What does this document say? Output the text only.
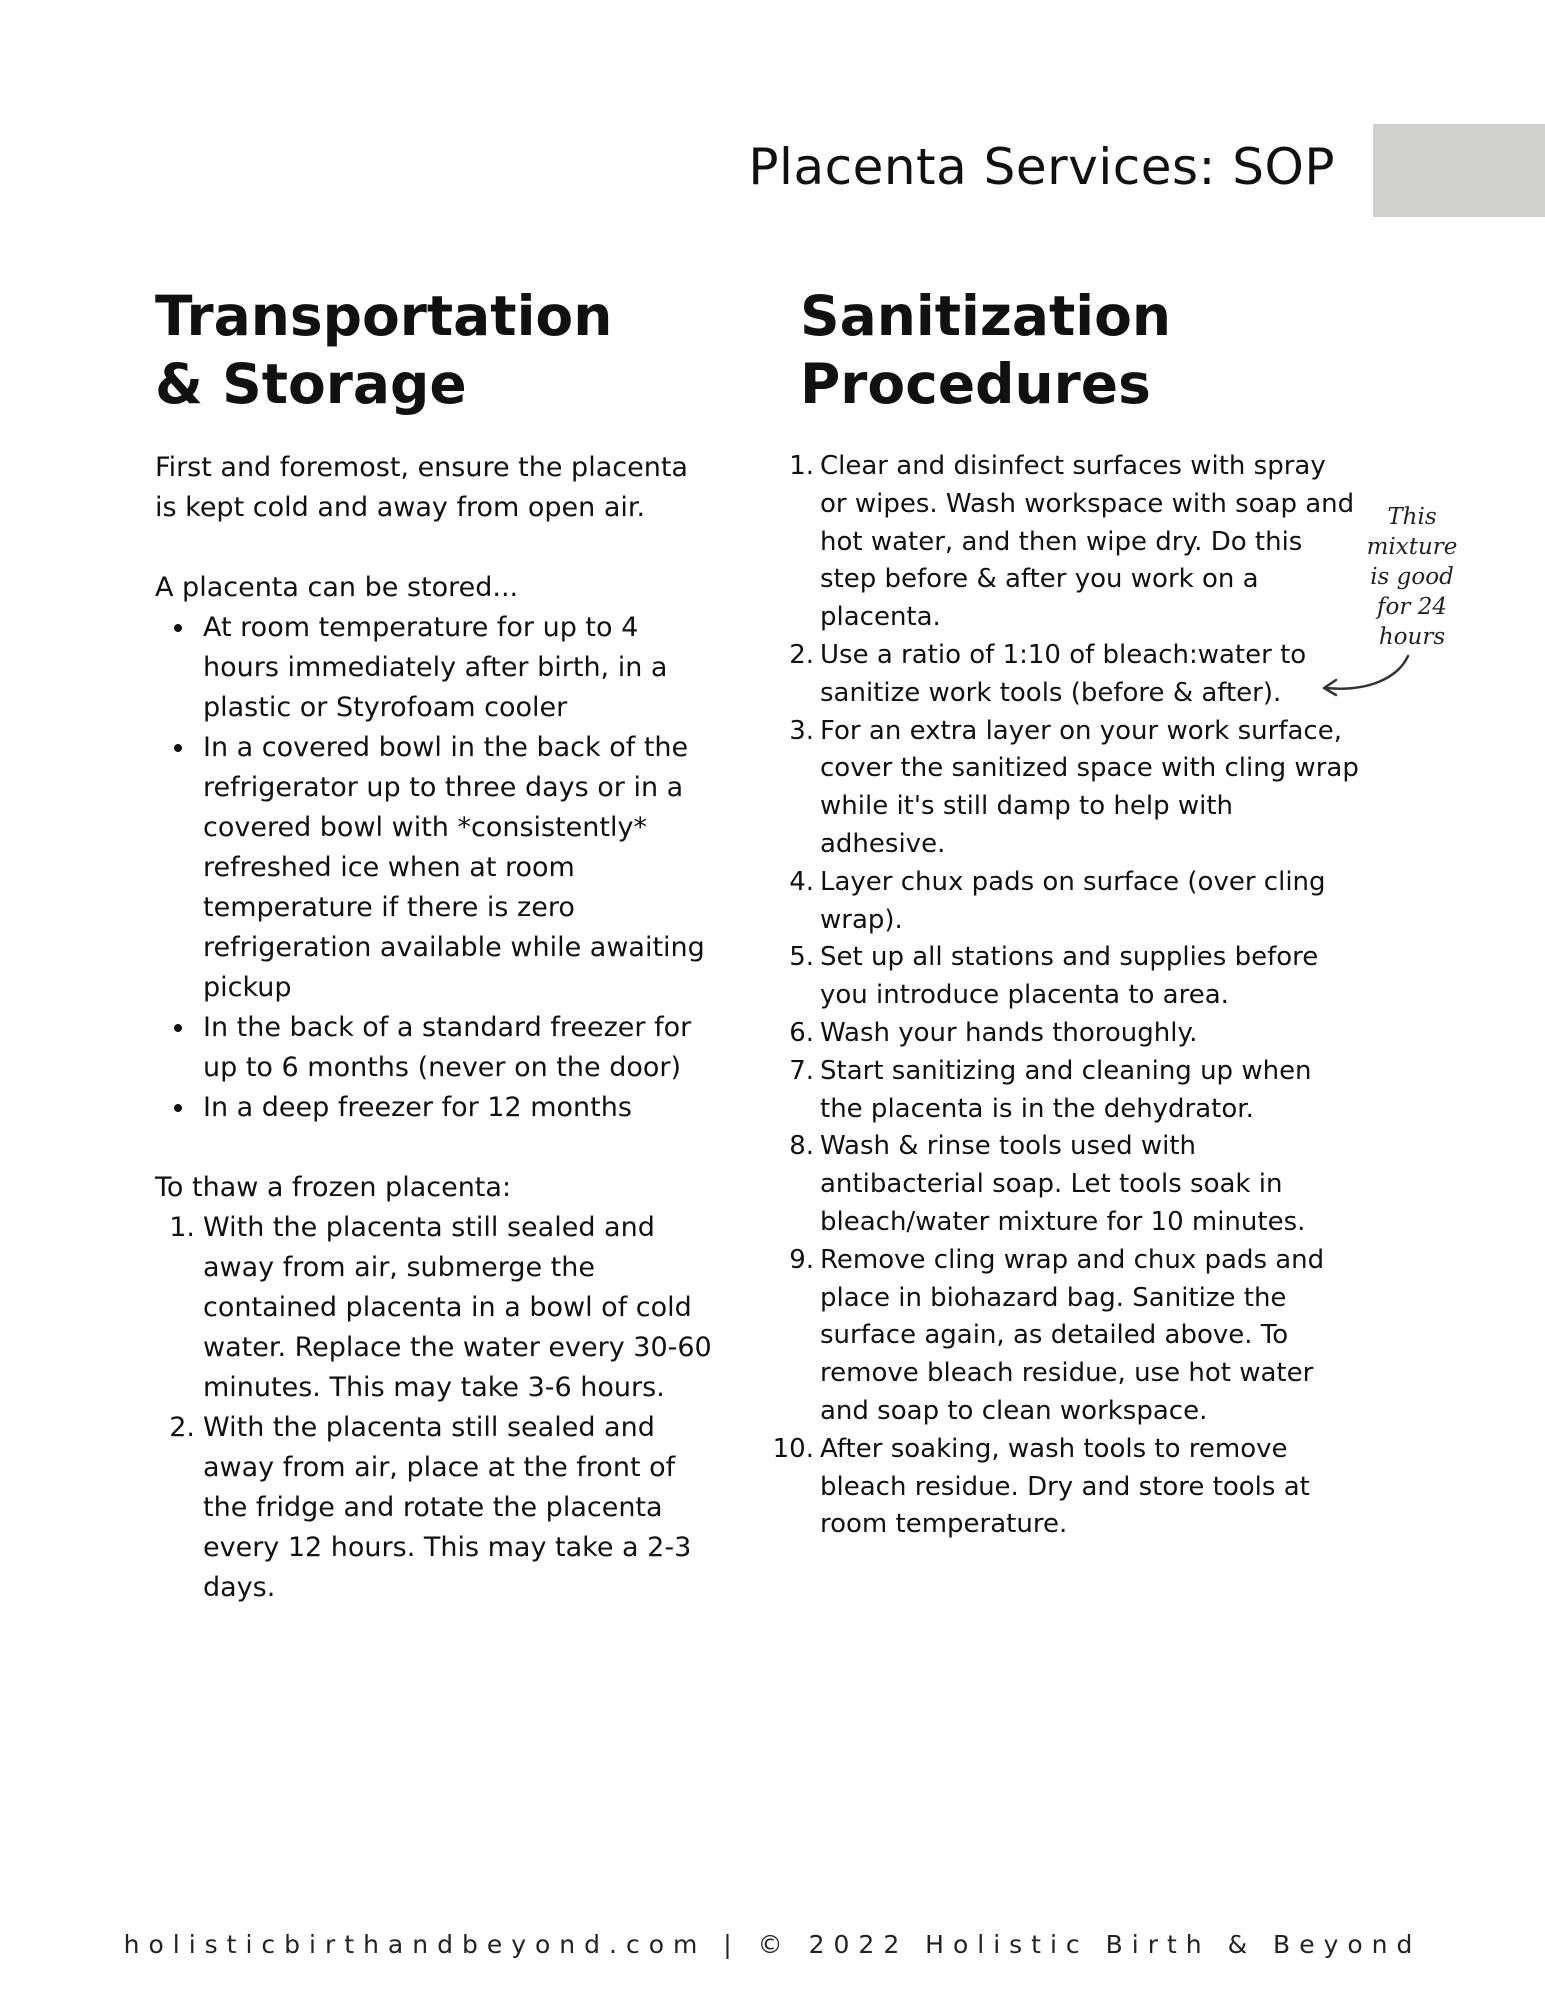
Placenta Services: SOP
Transportation
& Storage

First and foremost, ensure the placenta is kept cold and away from open air.

A placenta can be stored...

At room temperature for up to 4 hours immediately after birth, in a plastic or Styrofoam cooler
In a covered bowl in the back of the refrigerator up to three days or in a covered bowl with *consistently* refreshed ice when at room temperature if there is zero refrigeration available while awaiting pickup
In the back of a standard freezer for up to 6 months (never on the door)
In a deep freezer for 12 months

To thaw a frozen placenta:

1. With the placenta still sealed and away from air, submerge the contained placenta in a bowl of cold water. Replace the water every 30-60 minutes. This may take 3-6 hours.
2. With the placenta still sealed and away from air, place at the front of the fridge and rotate the placenta every 12 hours. This may take a 2-3 days.
Sanitization
Procedures
1. Clear and disinfect surfaces with spray or wipes. Wash workspace with soap and hot water, and then wipe dry. Do this step before & after you work on a placenta.
2. Use a ratio of 1:10 of bleach:water to sanitize work tools (before & after).
3. For an extra layer on your work surface, cover the sanitized space with cling wrap while it's still damp to help with adhesive.
4. Layer chux pads on surface (over cling wrap).
5. Set up all stations and supplies before you introduce placenta to area.
6. Wash your hands thoroughly.
7. Start sanitizing and cleaning up when the placenta is in the dehydrator.
8. Wash & rinse tools used with antibacterial soap. Let tools soak in bleach/water mixture for 10 minutes.
9. Remove cling wrap and chux pads and place in biohazard bag. Sanitize the surface again, as detailed above. To remove bleach residue, use hot water and soap to clean workspace.
10. After soaking, wash tools to remove bleach residue. Dry and store tools at room temperature.
This
mixture
is good
for 24
hours
holisticbirthandbeyond.com | © 2022 Holistic Birth & Beyond
